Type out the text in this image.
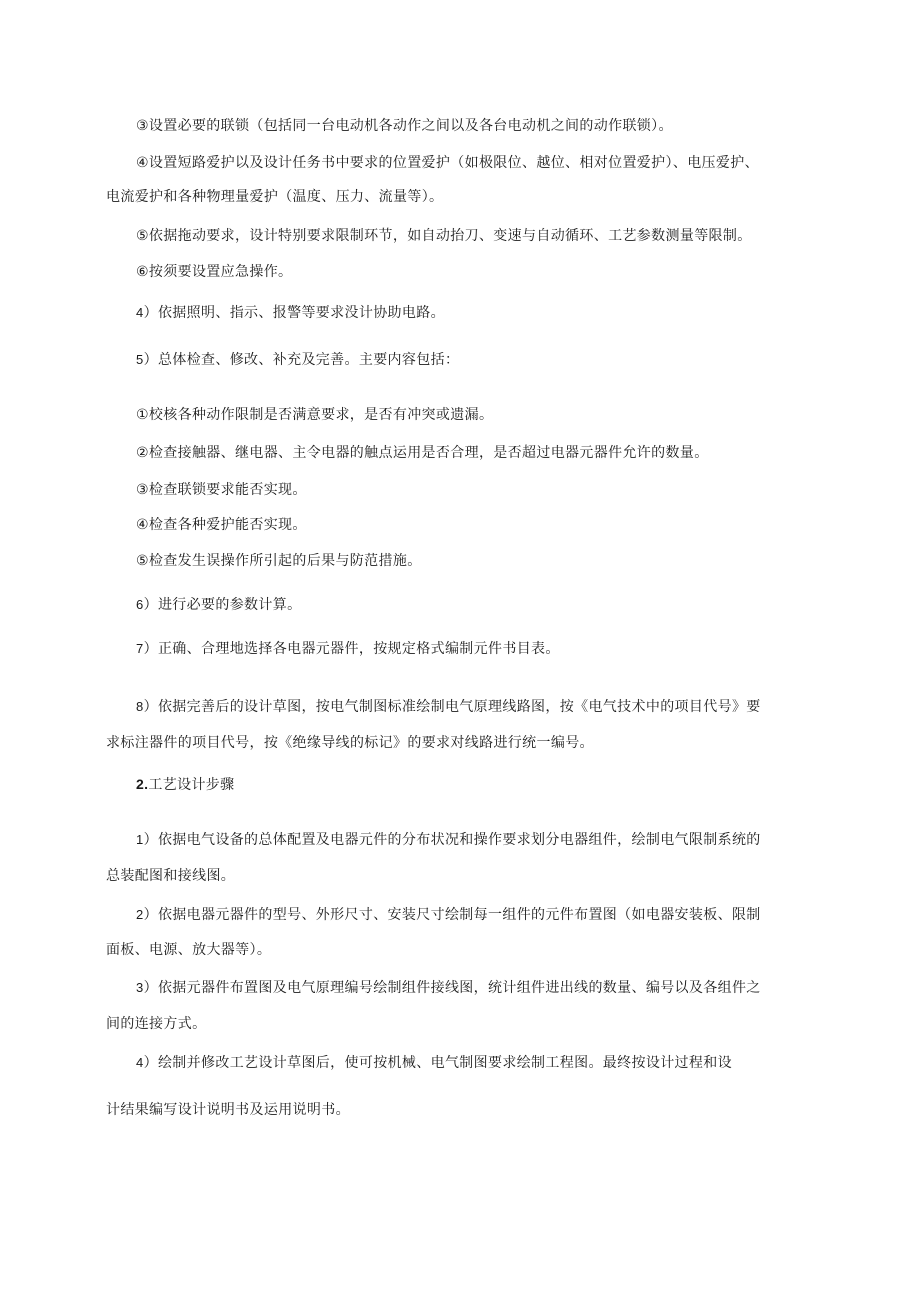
③设置必要的联锁（包括同一台电动机各动作之间以及各台电动机之间的动作联锁）。
④设置短路爱护以及设计任务书中要求的位置爱护（如极限位、越位、相对位置爱护）、电压爱护、
电流爱护和各种物理量爱护（温度、压力、流量等）。
⑤依据拖动要求，设计特别要求限制环节，如自动抬刀、变速与自动循环、工艺参数测量等限制。
⑥按须要设置应急操作。
4）依据照明、指示、报警等要求没计协助电路。
5）总体检查、修改、补充及完善。主要内容包括：
①校核各种动作限制是否满意要求，是否有冲突或遗漏。
②检查接触器、继电器、主令电器的触点运用是否合理，是否超过电器元器件允许的数量。
③检查联锁要求能否实现。
④检查各种爱护能否实现。
⑤检查发生误操作所引起的后果与防范措施。
6）进行必要的参数计算。
7）正确、合理地选择各电器元器件，按规定格式编制元件书目表。
8）依据完善后的设计草图，按电气制图标准绘制电气原理线路图，按《电气技术中的项目代号》要
求标注器件的项目代号，按《绝缘导线的标记》的要求对线路进行统一编号。
2.工艺设计步骤
1）依据电气设备的总体配置及电器元件的分布状况和操作要求划分电器组件，绘制电气限制系统的
总装配图和接线图。
2）依据电器元器件的型号、外形尺寸、安装尺寸绘制每一组件的元件布置图（如电器安装板、限制
面板、电源、放大器等）。
3）依据元器件布置图及电气原理编号绘制组件接线图，统计组件进出线的数量、编号以及各组件之
间的连接方式。
4）绘制并修改工艺设计草图后，使可按机械、电气制图要求绘制工程图。最终按设计过程和设
计结果编写设计说明书及运用说明书。
